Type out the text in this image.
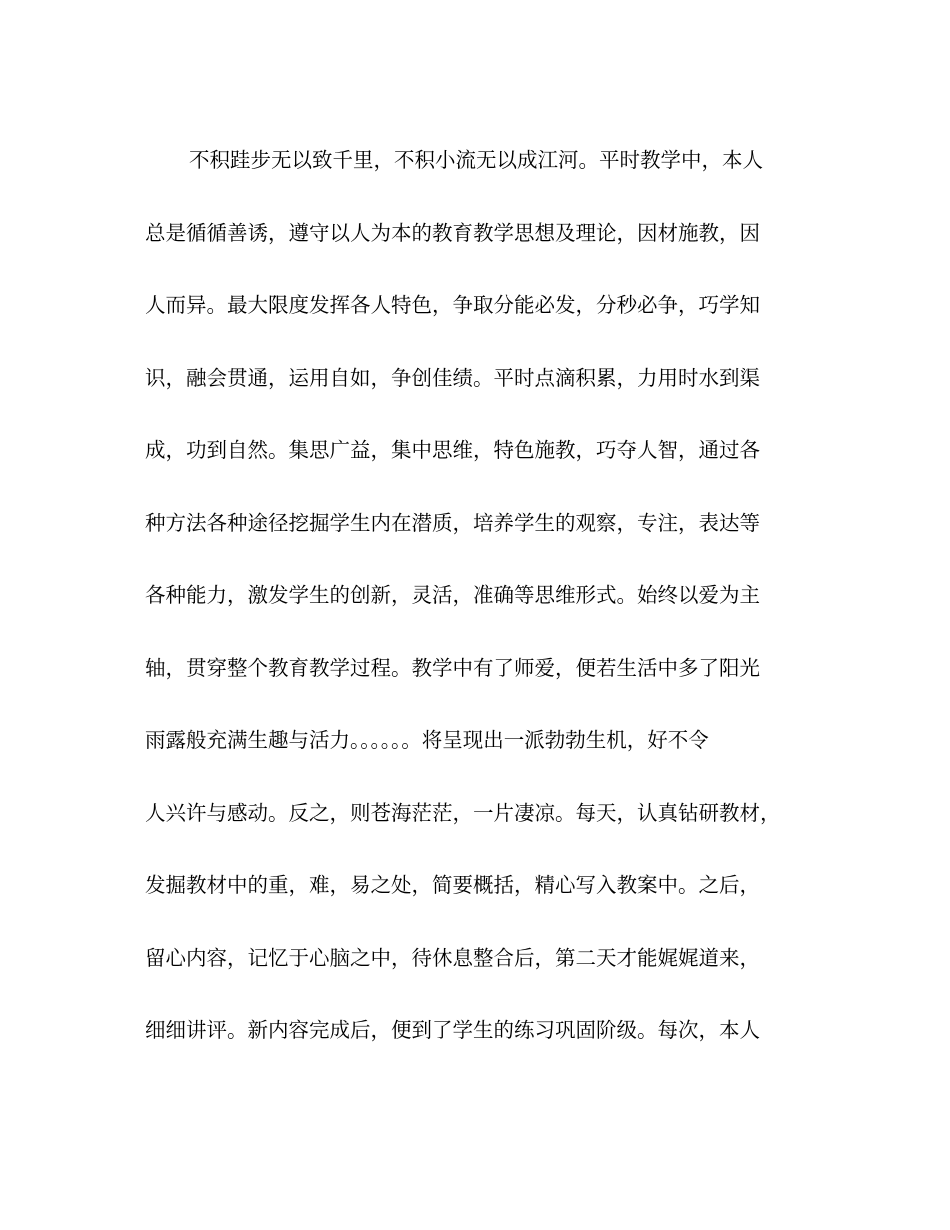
不积跬步无以致千里，不积小流无以成江河。平时教学中，本人
总是循循善诱，遵守以人为本的教育教学思想及理论，因材施教，因
人而异。最大限度发挥各人特色，争取分能必发，分秒必争，巧学知
识，融会贯通，运用自如，争创佳绩。平时点滴积累，力用时水到渠
成，功到自然。集思广益，集中思维，特色施教，巧夺人智，通过各
种方法各种途径挖掘学生内在潜质，培养学生的观察，专注，表达等
各种能力，激发学生的创新，灵活，准确等思维形式。始终以爱为主
轴，贯穿整个教育教学过程。教学中有了师爱，便若生活中多了阳光
雨露般充满生趣与活力。。。。。。将呈现出一派勃勃生机，好不令
人兴许与感动。反之，则苍海茫茫，一片凄凉。每天，认真钻研教材，
发掘教材中的重，难，易之处，简要概括，精心写入教案中。之后，
留心内容，记忆于心脑之中，待休息整合后，第二天才能娓娓道来，
细细讲评。新内容完成后，便到了学生的练习巩固阶级。每次，本人
